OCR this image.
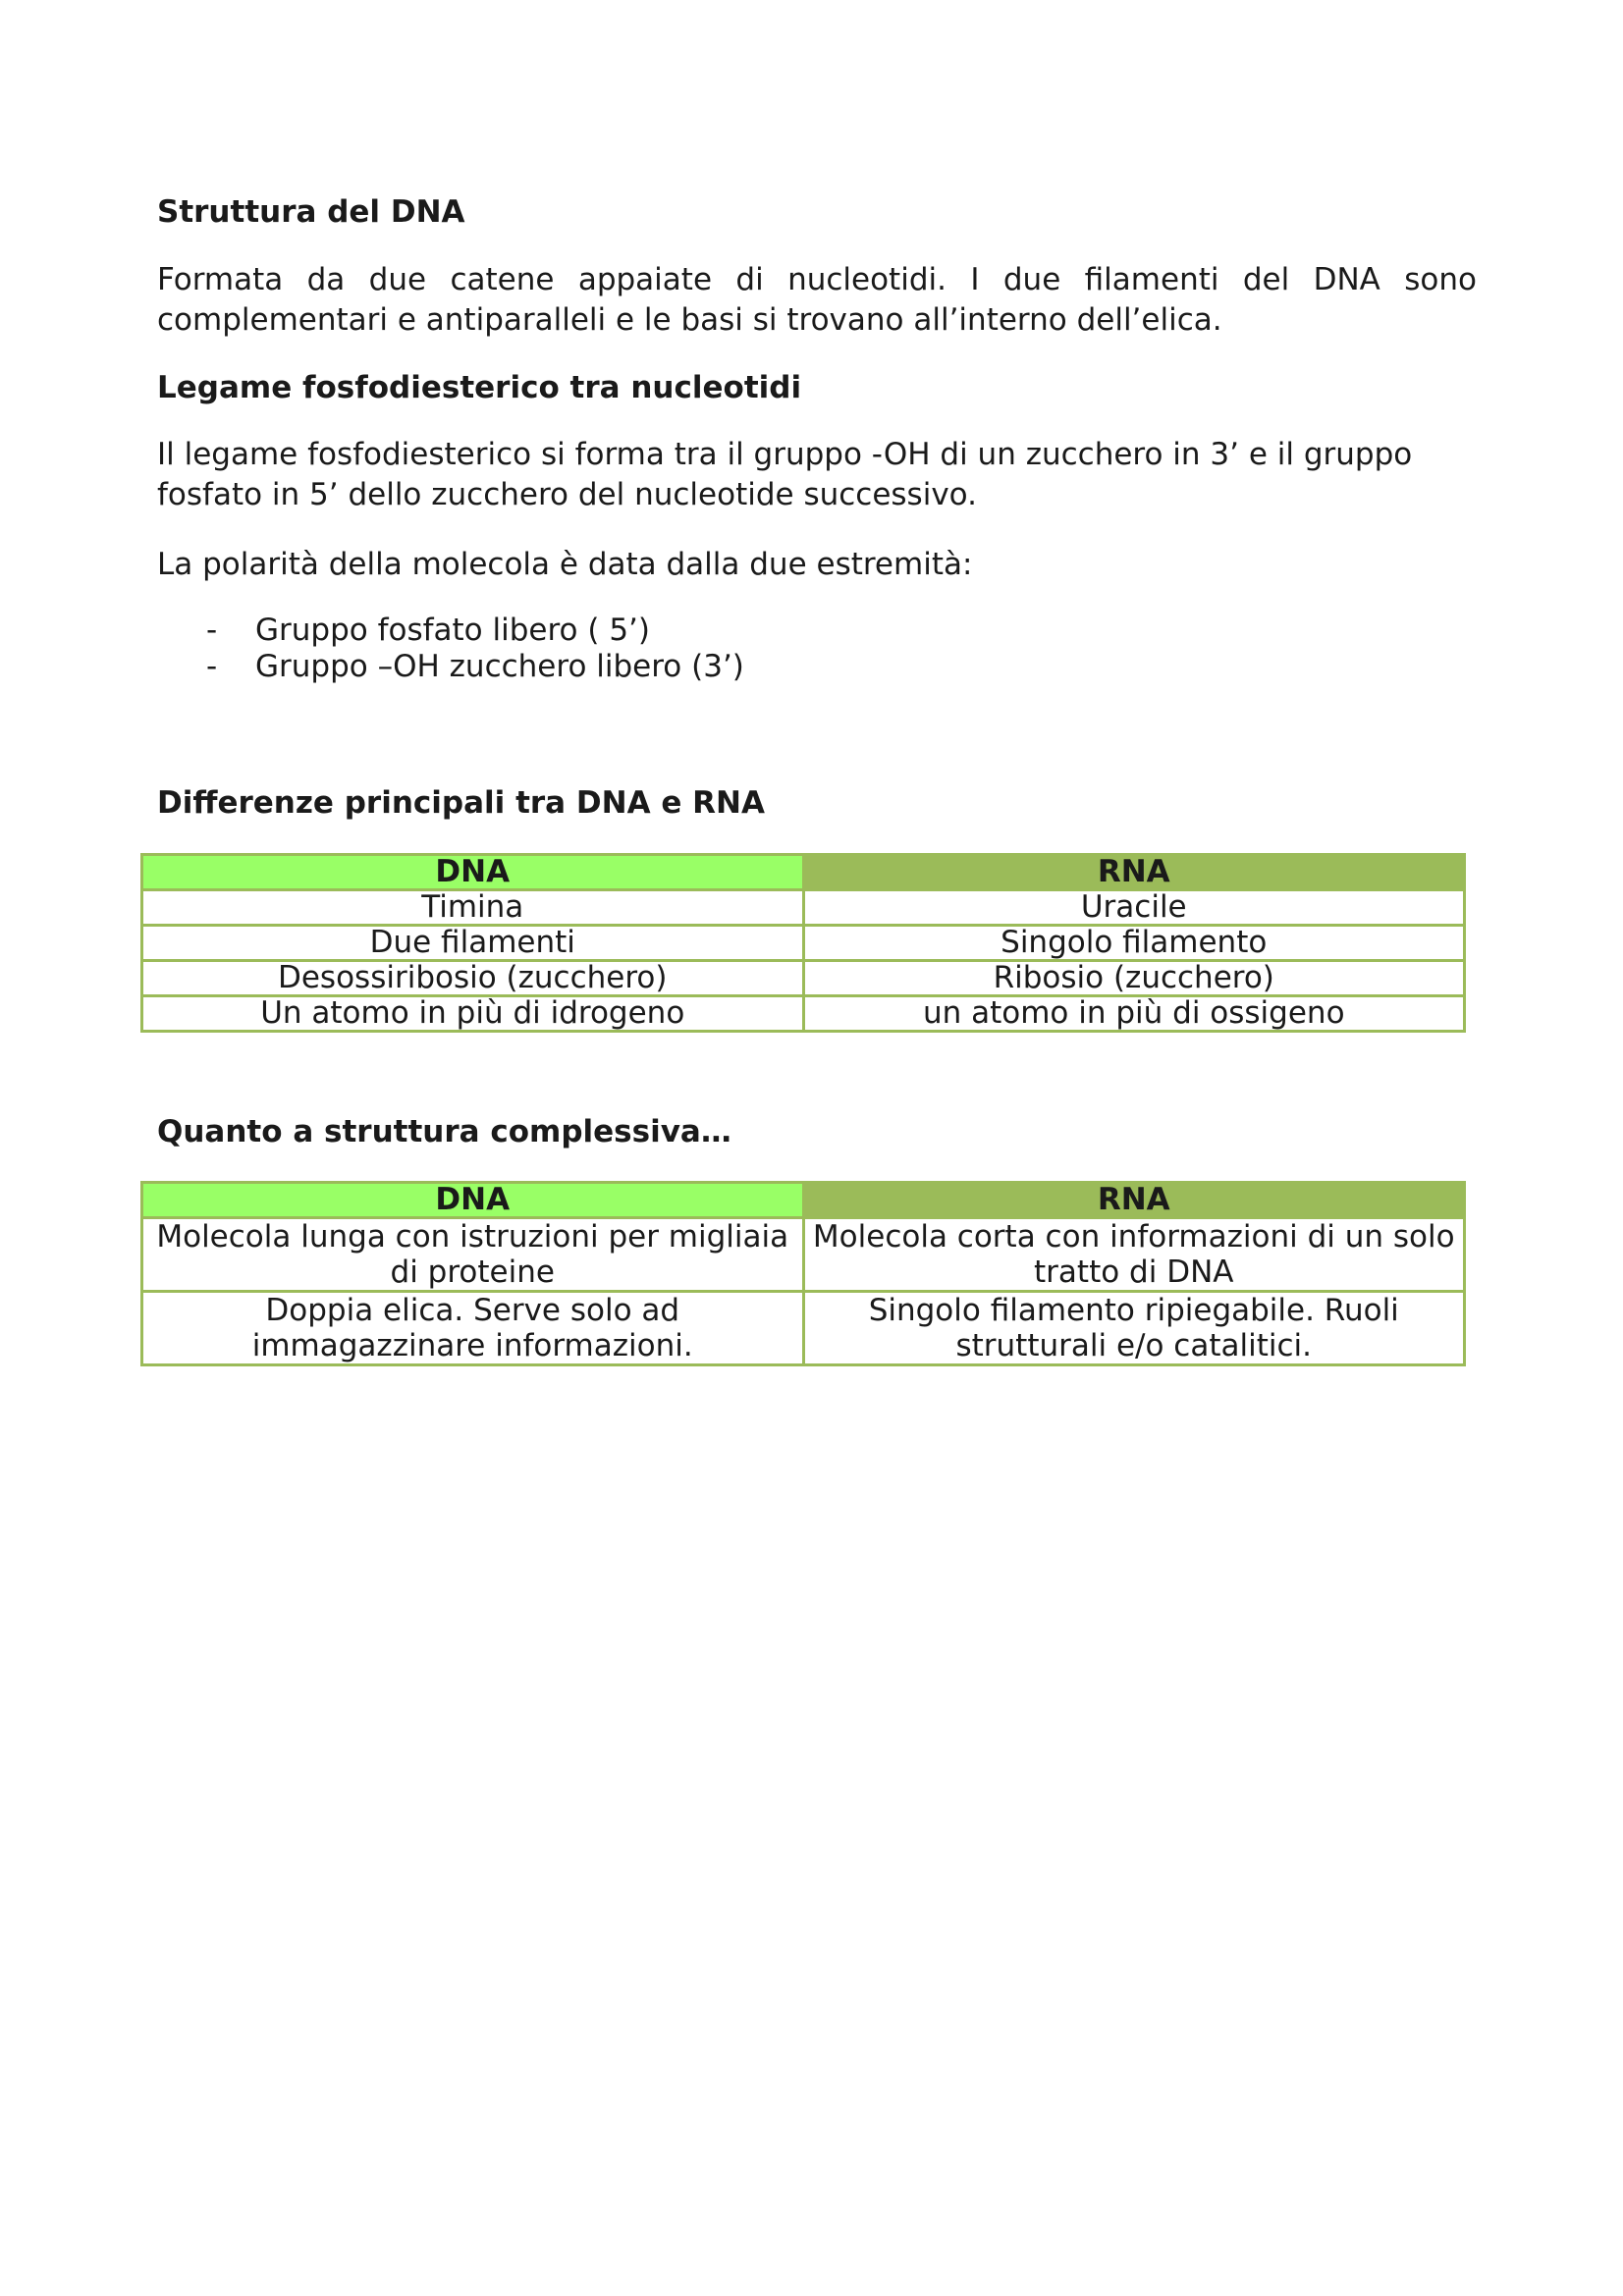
Struttura del DNA

Formata da due catene appaiate di nucleotidi. I due filamenti del DNA sono
complementari e antiparalleli e le basi si trovano all’interno dell’elica.

Legame fosfodiesterico tra nucleotidi

Il legame fosfodiesterico si forma tra il gruppo -OH di un zucchero in 3’ e il gruppo fosfato in 5’ dello zucchero del nucleotide successivo.

La polarità della molecola è data dalla due estremità:

- Gruppo fosfato libero ( 5’)
- Gruppo –OH zucchero libero (3’)
Differenze principali tra DNA e RNA
DNA	RNA
Timina	Uracile
Due filamenti	Singolo filamento
Desossiribosio (zucchero)	Ribosio (zucchero)
Un atomo in più di idrogeno	un atomo in più di ossigeno
Quanto a struttura complessiva…
DNA	RNA
Molecola lunga con istruzioni per migliaia di proteine	Molecola corta con informazioni di un solo tratto di DNA
Doppia elica. Serve solo ad immagazzinare informazioni.	Singolo filamento ripiegabile. Ruoli strutturali e/o catalitici.
